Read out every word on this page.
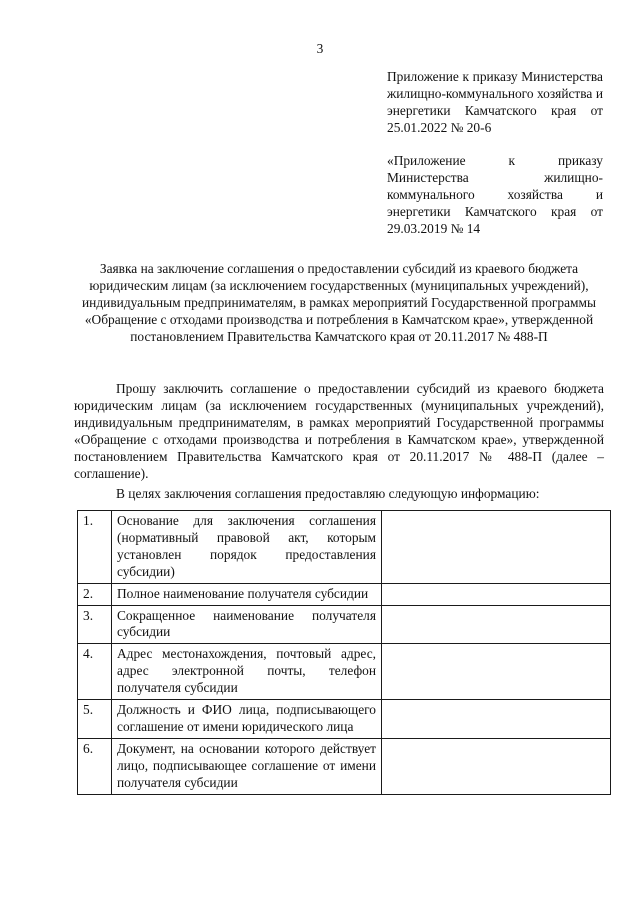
3
Приложение к приказу Министерства жилищно-коммунального хозяйства и энергетики Камчатского края от 25.01.2022 № 20-6
«Приложение к приказу Министерства жилищно-коммунального хозяйства и энергетики Камчатского края от 29.03.2019 № 14
Заявка на заключение соглашения о предоставлении субсидий из краевого бюджета юридическим лицам (за исключением государственных (муниципальных учреждений), индивидуальным предпринимателям, в рамках мероприятий Государственной программы «Обращение с отходами производства и потребления в Камчатском крае», утвержденной постановлением Правительства Камчатского края от 20.11.2017 № 488-П
Прошу заключить соглашение о предоставлении субсидий из краевого бюджета юридическим лицам (за исключением государственных (муниципальных учреждений), индивидуальным предпринимателям, в рамках мероприятий Государственной программы «Обращение с отходами производства и потребления в Камчатском крае», утвержденной постановлением Правительства Камчатского края от 20.11.2017 № 488-П (далее – соглашение).
В целях заключения соглашения предоставляю следующую информацию:
1.	Основание для заключения соглашения (нормативный правовой акт, которым установлен порядок предоставления субсидии)	
2.	Полное наименование получателя субсидии	
3.	Сокращенное наименование получателя субсидии	
4.	Адрес местонахождения, почтовый адрес, адрес электронной почты, телефон получателя субсидии	
5.	Должность и ФИО лица, подписывающего соглашение от имени юридического лица	
6.	Документ, на основании которого действует лицо, подписывающее соглашение от имени получателя субсидии	
